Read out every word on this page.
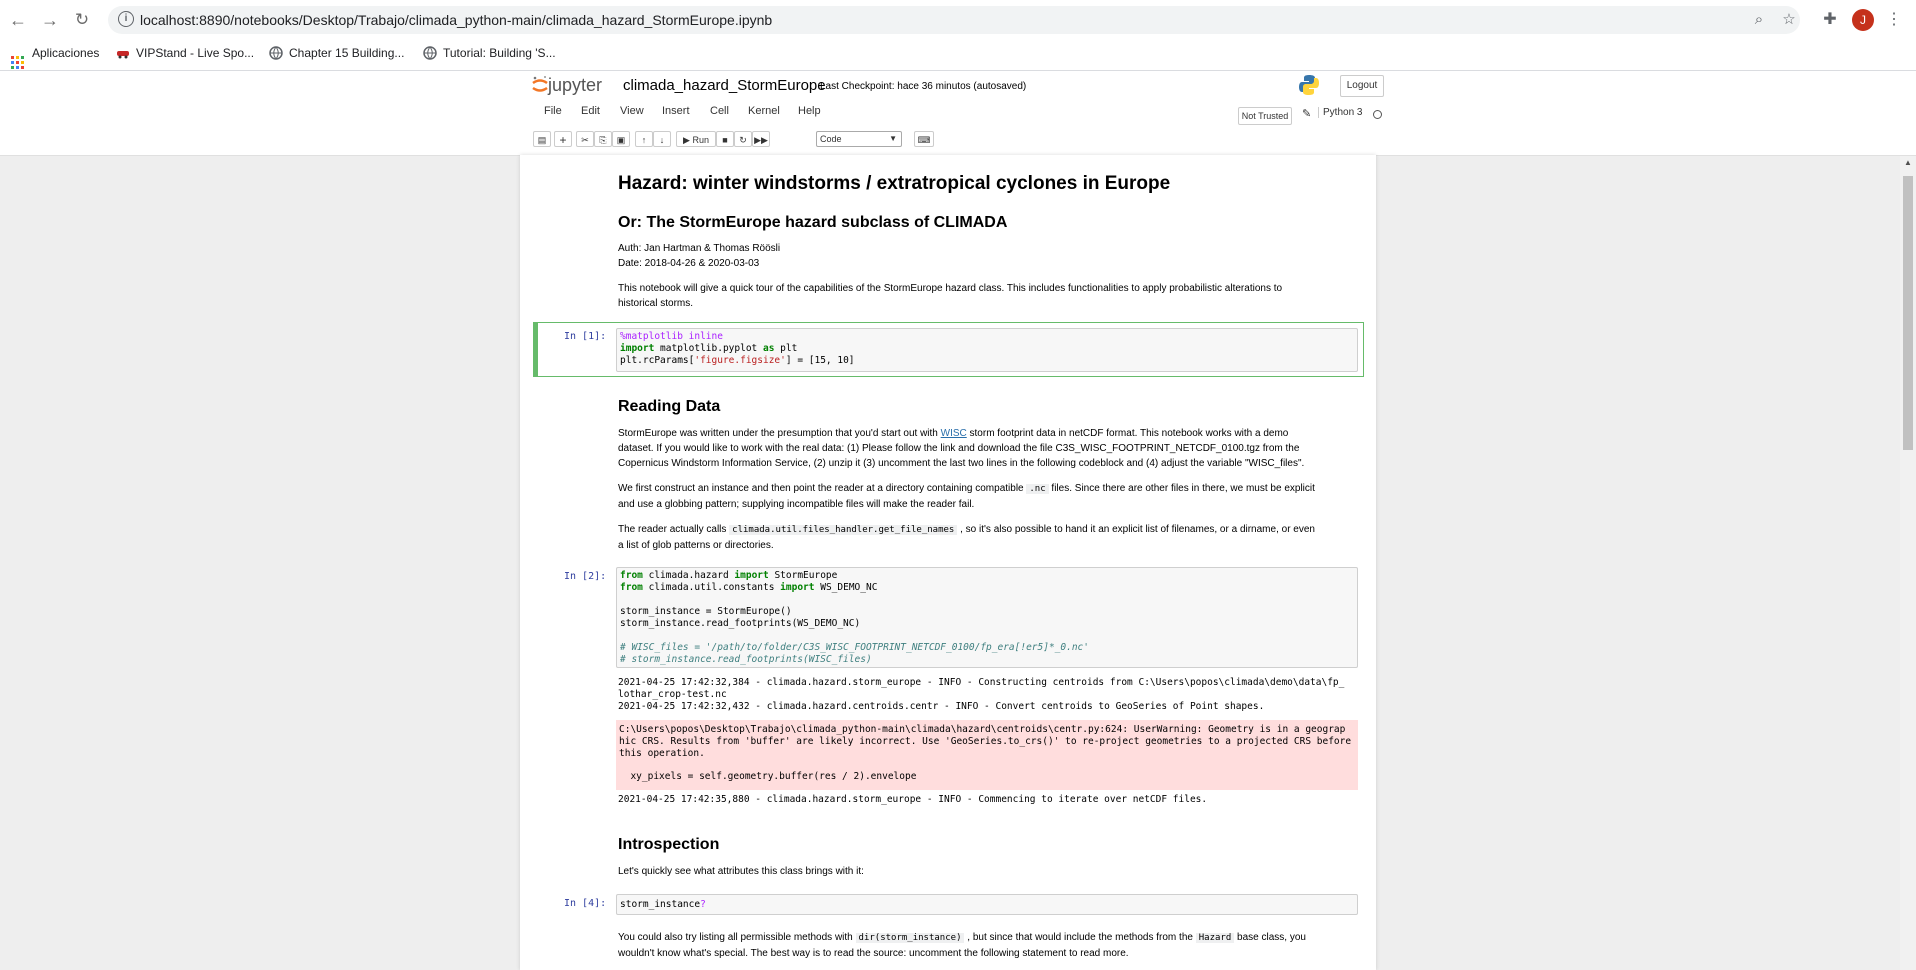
← → ↻	i localhost:8890/notebooks/Desktop/Trabajo/climada_python-main/climada_hazard_StormEurope.ipynb	⌕	☆ ✚	J	⋮
Aplicaciones	VIPStand - Live Spo...	Chapter 15 Building...	Tutorial: Building 'S...
jupyter climada_hazard_StormEurope
Last Checkpoint: hace 36 minutos (autosaved)	Logout
File Edit View Insert Cell Kernel Help	Not Trusted	✎	Python 3
▤	+	✂	⎘	▣	↑	↓	▶ Run	■	↻ ▶▶	Code	▼	⌨
▲
Hazard: winter windstorms / extratropical cyclones in Europe
Or: The StormEurope hazard subclass of CLIMADA
Auth: Jan Hartman & Thomas Röösli
Date: 2018-04-26 & 2020-03-03
This notebook will give a quick tour of the capabilities of the StormEurope hazard class. This includes functionalities to apply probabilistic alterations to
historical storms.
In [1]:	%matplotlib inline
import matplotlib.pyplot as plt
plt.rcParams['figure.figsize'] = [15, 10]
Reading Data
StormEurope was written under the presumption that you'd start out with WISC storm footprint data in netCDF format. This notebook works with a demo
dataset. If you would like to work with the real data: (1) Please follow the link and download the file C3S_WISC_FOOTPRINT_NETCDF_0100.tgz from the
Copernicus Windstorm Information Service, (2) unzip it (3) uncomment the last two lines in the following codeblock and (4) adjust the variable "WISC_files".
We first construct an instance and then point the reader at a directory containing compatible .nc files. Since there are other files in there, we must be explicit
and use a globbing pattern; supplying incompatible files will make the reader fail.
The reader actually calls climada.util.files_handler.get_file_names , so it's also possible to hand it an explicit list of filenames, or a dirname, or even
a list of glob patterns or directories.
In [2]:	from climada.hazard import StormEurope
from climada.util.constants import WS_DEMO_NC

storm_instance = StormEurope()
storm_instance.read_footprints(WS_DEMO_NC)

# WISC_files = '/path/to/folder/C3S_WISC_FOOTPRINT_NETCDF_0100/fp_era[!er5]*_0.nc'
# storm_instance.read_footprints(WISC_files)
2021-04-25 17:42:32,384 - climada.hazard.storm_europe - INFO - Constructing centroids from C:\Users\popos\climada\demo\data\fp_
lothar_crop-test.nc
2021-04-25 17:42:32,432 - climada.hazard.centroids.centr - INFO - Convert centroids to GeoSeries of Point shapes.
C:\Users\popos\Desktop\Trabajo\climada_python-main\climada\hazard\centroids\centr.py:624: UserWarning: Geometry is in a geograp
hic CRS. Results from 'buffer' are likely incorrect. Use 'GeoSeries.to_crs()' to re-project geometries to a projected CRS before
this operation.
xy_pixels = self.geometry.buffer(res / 2).envelope
2021-04-25 17:42:35,880 - climada.hazard.storm_europe - INFO - Commencing to iterate over netCDF files.
Introspection
Let's quickly see what attributes this class brings with it:
In [4]:	storm_instance?
You could also try listing all permissible methods with dir(storm_instance) , but since that would include the methods from the Hazard base class, you
wouldn't know what's special. The best way is to read the source: uncomment the following statement to read more.
